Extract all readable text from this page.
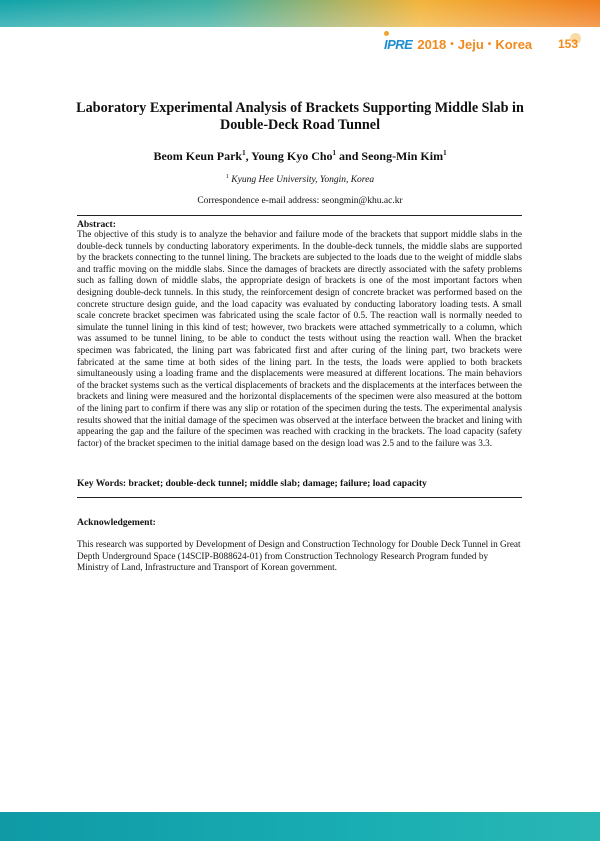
IPRE 2018 • Jeju • Korea 153
Laboratory Experimental Analysis of Brackets Supporting Middle Slab in
Double-Deck Road Tunnel
Beom Keun Park$^1$, Young Kyo Cho$^1$ and Seong-Min Kim$^1$
$^1$ Kyung Hee University, Yongin, Korea
Correspondence e-mail address: seongmin@khu.ac.kr
Abstract:
The objective of this study is to analyze the behavior and failure mode of the brackets that support middle slabs in the double-deck tunnels by conducting laboratory experiments. In the double-deck tunnels, the middle slabs are supported by the brackets connecting to the tunnel lining. The brackets are subjected to the loads due to the weight of middle slabs and traffic moving on the middle slabs. Since the damages of brackets are directly associated with the safety problems such as falling down of middle slabs, the appropriate design of brackets is one of the most important factors when designing double-deck tunnels. In this study, the reinforcement design of concrete bracket was performed based on the concrete structure design guide, and the load capacity was evaluated by conducting laboratory loading tests. A small scale concrete bracket specimen was fabricated using the scale factor of 0.5. The reaction wall is normally needed to simulate the tunnel lining in this kind of test; however, two brackets were attached symmetrically to a column, which was assumed to be tunnel lining, to be able to conduct the tests without using the reaction wall. When the bracket specimen was fabricated, the lining part was fabricated first and after curing of the lining part, two brackets were fabricated at the same time at both sides of the lining part. In the tests, the loads were applied to both brackets simultaneously using a loading frame and the displacements were measured at different locations. The main behaviors of the bracket systems such as the vertical displacements of brackets and the displacements at the interfaces between the brackets and lining were measured and the horizontal displacements of the specimen were also measured at the bottom of the lining part to confirm if there was any slip or rotation of the specimen during the tests. The experimental analysis results showed that the initial damage of the specimen was observed at the interface between the bracket and lining with appearing the gap and the failure of the specimen was reached with cracking in the brackets. The load capacity (safety factor) of the bracket specimen to the initial damage based on the design load was 2.5 and to the failure was 3.3.
Key Words: bracket; double-deck tunnel; middle slab; damage; failure; load capacity
Acknowledgement:
This research was supported by Development of Design and Construction Technology for Double Deck Tunnel in Great Depth Underground Space (14SCIP-B088624-01) from Construction Technology Research Program funded by Ministry of Land, Infrastructure and Transport of Korean government.
